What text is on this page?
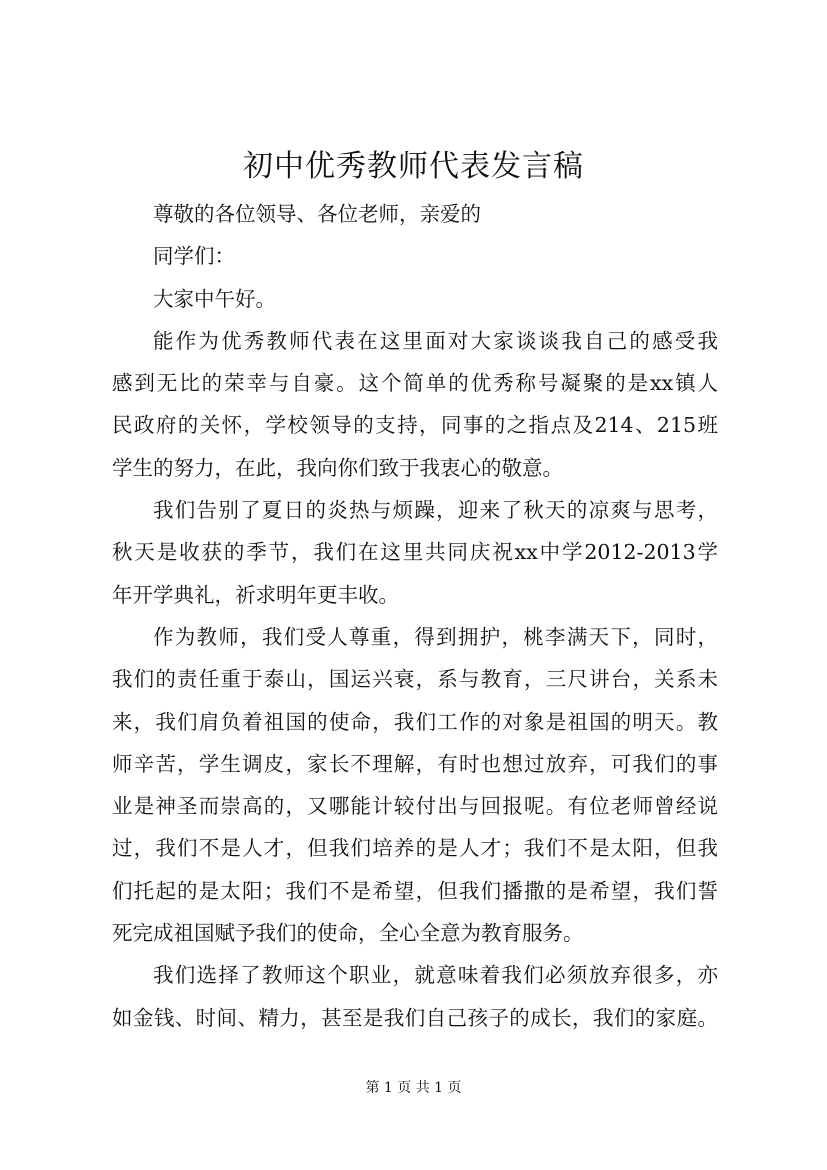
初中优秀教师代表发言稿
尊敬的各位领导、各位老师，亲爱的
同学们：
大家中午好。
能作为优秀教师代表在这里面对大家谈谈我自己的感受我
感到无比的荣幸与自豪。这个简单的优秀称号凝聚的是xx镇人
民政府的关怀，学校领导的支持，同事的之指点及214、215班
学生的努力，在此，我向你们致于我衷心的敬意。
我们告别了夏日的炎热与烦躁，迎来了秋天的凉爽与思考，
秋天是收获的季节，我们在这里共同庆祝xx中学2012-2013学
年开学典礼，祈求明年更丰收。
作为教师，我们受人尊重，得到拥护，桃李满天下，同时，
我们的责任重于泰山，国运兴衰，系与教育，三尺讲台，关系未
来，我们肩负着祖国的使命，我们工作的对象是祖国的明天。教
师辛苦，学生调皮，家长不理解，有时也想过放弃，可我们的事
业是神圣而崇高的，又哪能计较付出与回报呢。有位老师曾经说
过，我们不是人才，但我们培养的是人才；我们不是太阳，但我
们托起的是太阳；我们不是希望，但我们播撒的是希望，我们誓
死完成祖国赋予我们的使命，全心全意为教育服务。
我们选择了教师这个职业，就意味着我们必须放弃很多，亦
如金钱、时间、精力，甚至是我们自己孩子的成长，我们的家庭。
第 1 页 共 1 页
